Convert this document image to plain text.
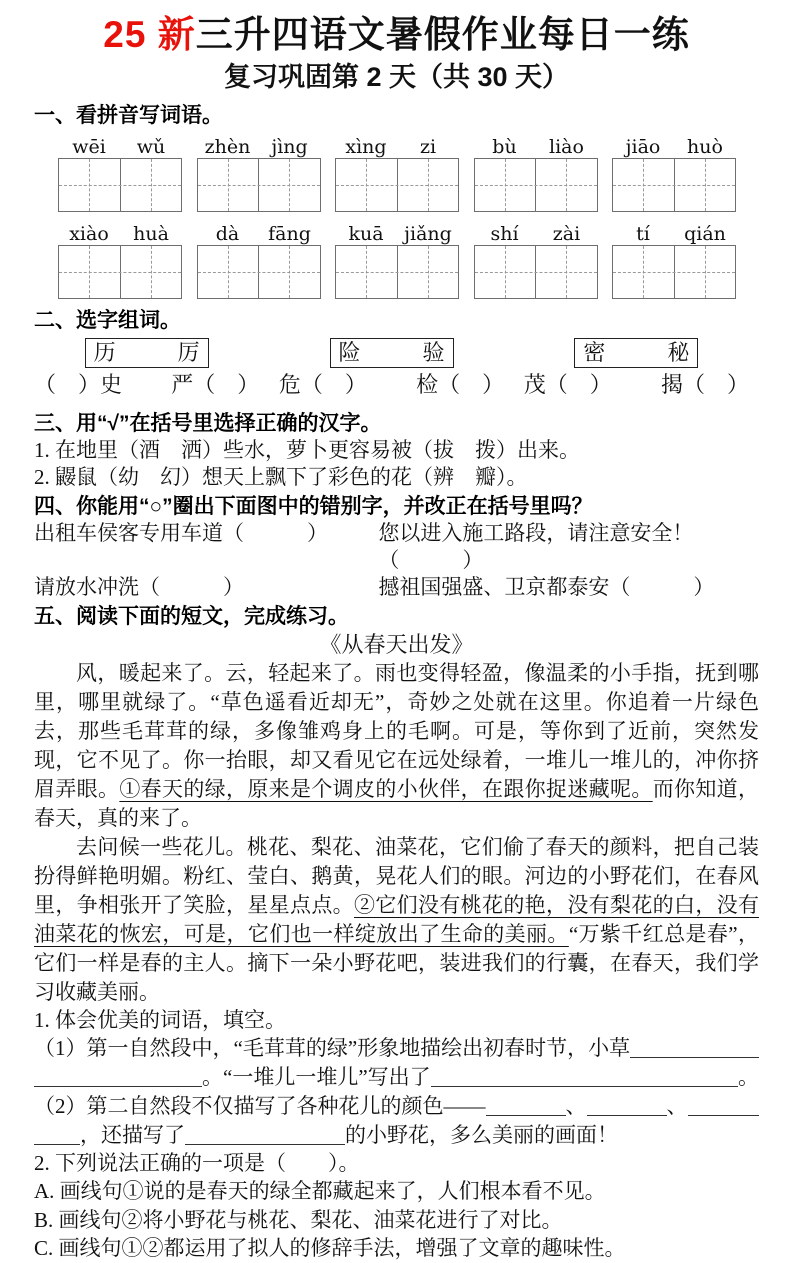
25 新三升四语文暑假作业每日一练
复习巩固第 2 天（共 30 天）
一、看拼音写词语。
wēi	wǔ	zhèn	jìng	xìng	zi	bù	liào	jiāo	huò
xiào	huà	dà	fāng	kuā	jiǎng	shí	zài	tí	qián
二、选字组词。
历	厉
（　）史 严（　）
险	验
危（　） 检（　）
密	秘
茂（　） 揭（　）
三、用“√”在括号里选择正确的汉字。
1. 在地里（酒　洒）些水，萝卜更容易被（拔　拨）出来。
2. 鼹鼠（幼　幻）想天上飘下了彩色的花（辨　瓣）。
四、你能用“○”圈出下面图中的错别字，并改正在括号里吗？
出租车侯客专用车道（　　　）	您以进入施工路段，请注意安全！（　　　）
请放水冲洗（　　　）	撼祖国强盛、卫京都泰安（　　　）
五、阅读下面的短文，完成练习。
《从春天出发》
风，暖起来了。云，轻起来了。雨也变得轻盈，像温柔的小手指，抚到哪里，哪里就绿了。“草色遥看近却无”，奇妙之处就在这里。你追着一片绿色去，那些毛茸茸的绿，多像雏鸡身上的毛啊。可是，等你到了近前，突然发现，它不见了。你一抬眼，却又看见它在远处绿着，一堆儿一堆儿的，冲你挤眉弄眼。①春天的绿，原来是个调皮的小伙伴，在跟你捉迷藏呢。而你知道，春天，真的来了。
去问候一些花儿。桃花、梨花、油菜花，它们偷了春天的颜料，把自己装扮得鲜艳明媚。粉红、莹白、鹅黄，晃花人们的眼。河边的小野花们，在春风里，争相张开了笑脸，星星点点。②它们没有桃花的艳，没有梨花的白，没有油菜花的恢宏，可是，它们也一样绽放出了生命的美丽。“万紫千红总是春”，它们一样是春的主人。摘下一朵小野花吧，装进我们的行囊，在春天，我们学习收藏美丽。
1. 体会优美的词语，填空。
（1）第一自然段中，“毛茸茸的绿”形象地描绘出初春时节，小草
。“一堆儿一堆儿”写出了	。
（2）第二自然段不仅描写了各种花儿的颜色——	、	、
，还描写了	的小野花，多么美丽的画面！
2. 下列说法正确的一项是（　　）。
A. 画线句①说的是春天的绿全都藏起来了，人们根本看不见。
B. 画线句②将小野花与桃花、梨花、油菜花进行了对比。
C. 画线句①②都运用了拟人的修辞手法，增强了文章的趣味性。
